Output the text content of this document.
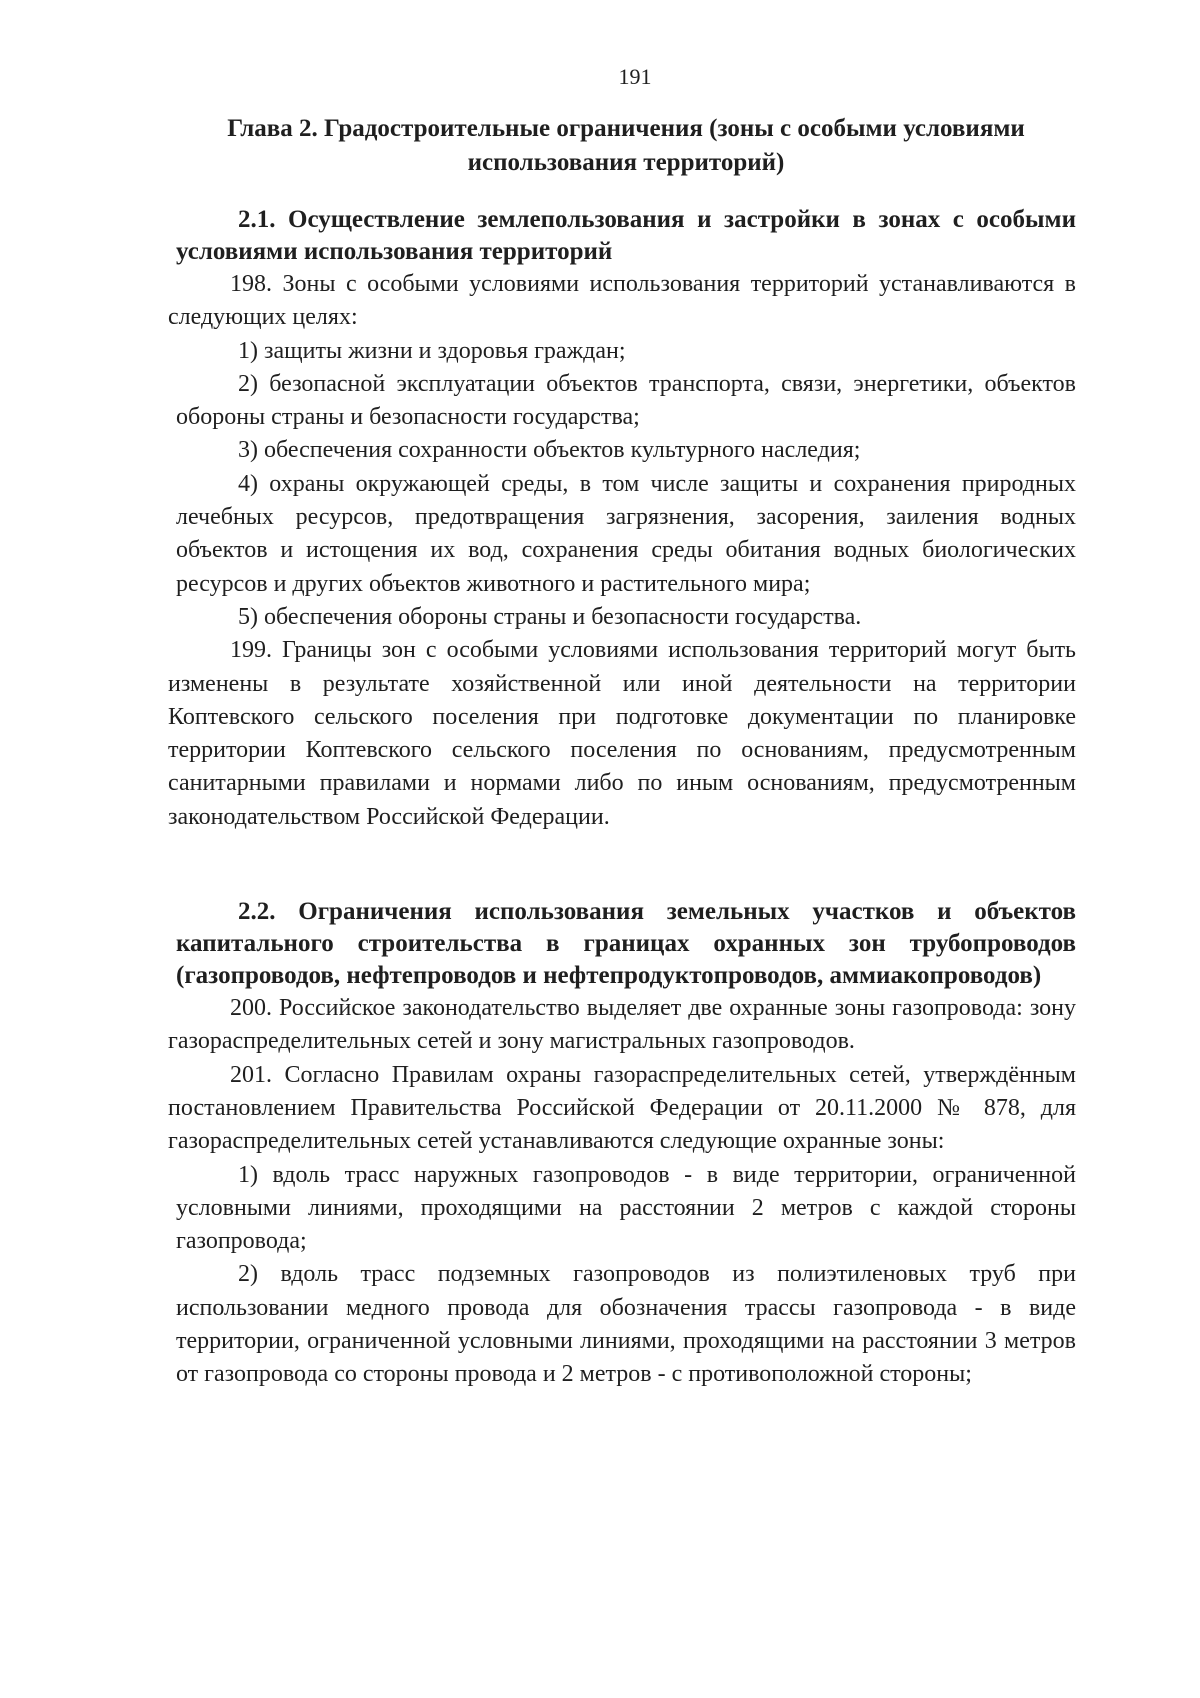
191

Глава 2. Градостроительные ограничения (зоны с особыми условиями

использования территорий)

2.1. Осуществление землепользования и застройки в зонах с особыми условиями использования территорий

198. Зоны с особыми условиями использования территорий устанавливаются в следующих целях:

1) защиты жизни и здоровья граждан;

2) безопасной эксплуатации объектов транспорта, связи, энергетики, объектов обороны страны и безопасности государства;

3) обеспечения сохранности объектов культурного наследия;

4) охраны окружающей среды, в том числе защиты и сохранения природных лечебных ресурсов, предотвращения загрязнения, засорения, заиления водных объектов и истощения их вод, сохранения среды обитания водных биологических ресурсов и других объектов животного и растительного мира;

5) обеспечения обороны страны и безопасности государства.

199. Границы зон с особыми условиями использования территорий могут быть изменены в результате хозяйственной или иной деятельности на территории Коптевского сельского поселения при подготовке документации по планировке территории Коптевского сельского поселения по основаниям, предусмотренным санитарными правилами и нормами либо по иным основаниям, предусмотренным законодательством Российской Федерации.

2.2. Ограничения использования земельных участков и объектов капитального строительства в границах охранных зон трубопроводов (газопроводов, нефтепроводов и нефтепродуктопроводов, аммиакопроводов)

200. Российское законодательство выделяет две охранные зоны газопровода: зону газораспределительных сетей и зону магистральных газопроводов.

201. Согласно Правилам охраны газораспределительных сетей, утверждённым постановлением Правительства Российской Федерации от 20.11.2000 № 878, для газораспределительных сетей устанавливаются следующие охранные зоны:

1) вдоль трасс наружных газопроводов - в виде территории, ограниченной условными линиями, проходящими на расстоянии 2 метров с каждой стороны газопровода;

2) вдоль трасс подземных газопроводов из полиэтиленовых труб при использовании медного провода для обозначения трассы газопровода - в виде территории, ограниченной условными линиями, проходящими на расстоянии 3 метров от газопровода со стороны провода и 2 метров - с противоположной стороны;
